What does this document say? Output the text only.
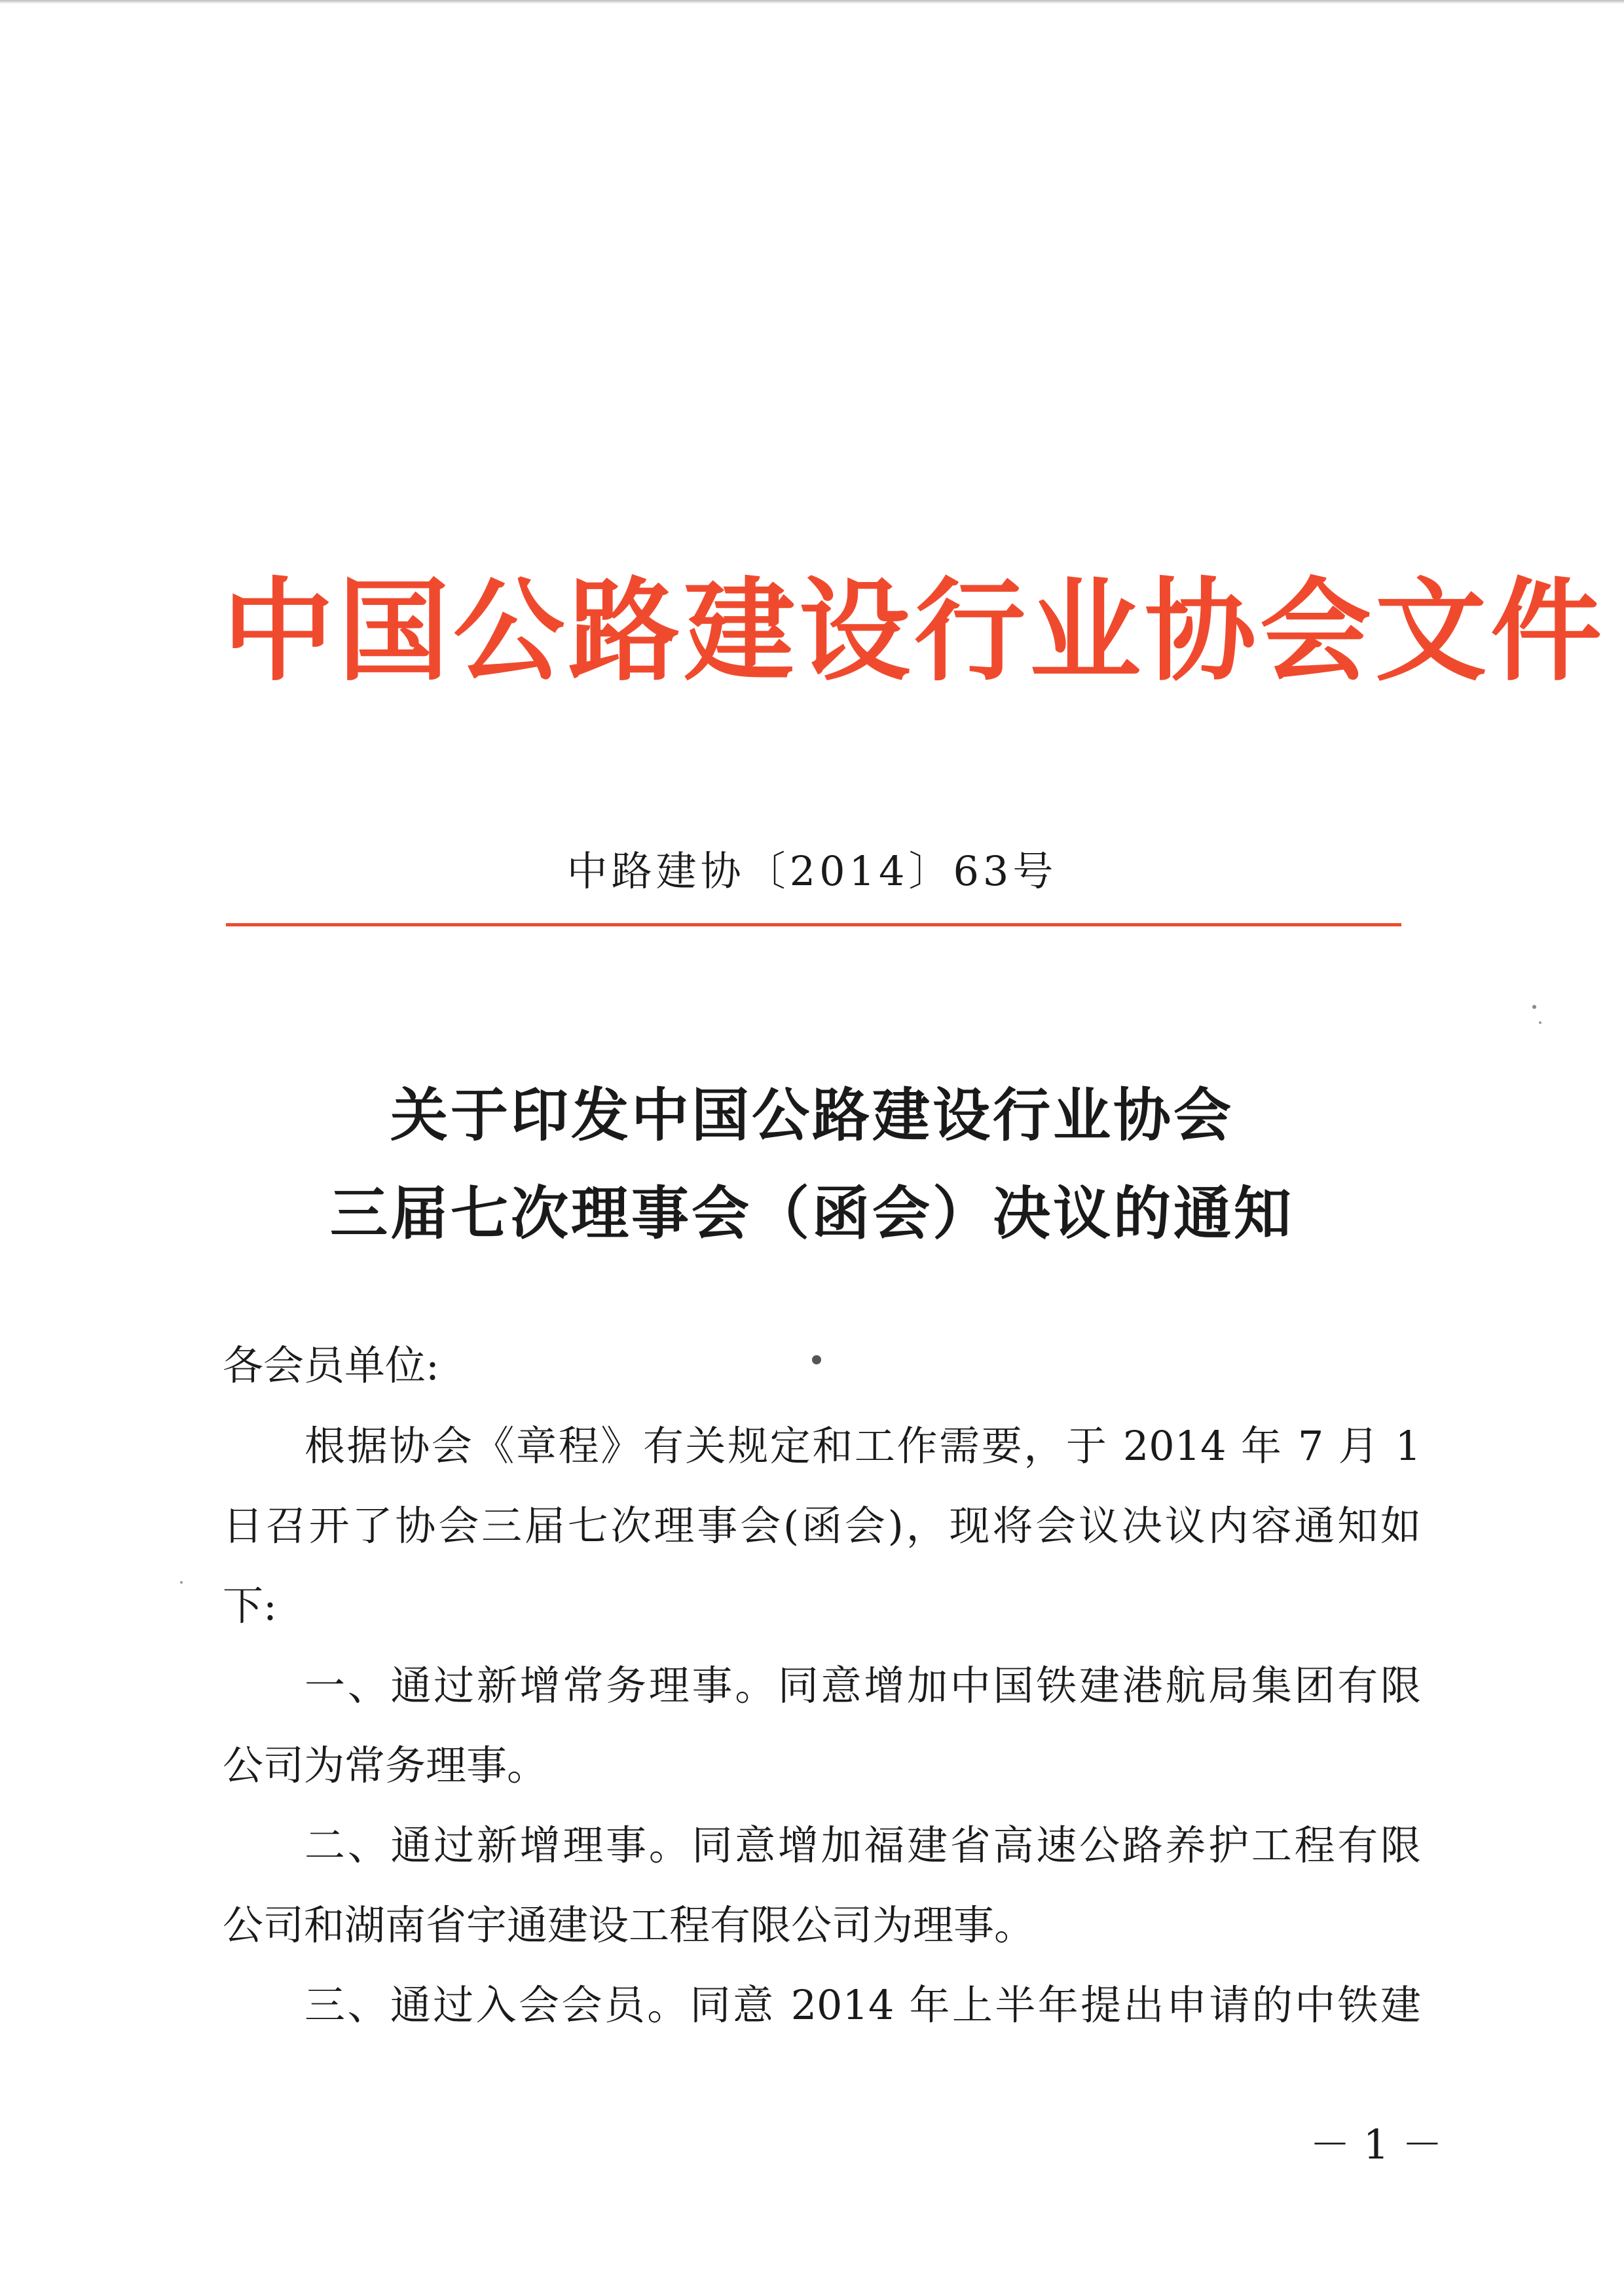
中国公路建设行业协会文件
中路建协〔2014〕63号
关于印发中国公路建设行业协会
三届七次理事会（函会）决议的通知
各会员单位:
根据协会《章程》有关规定和工作需要，于 2014 年 7 月 1
日召开了协会三届七次理事会(函会)，现将会议决议内容通知如
下:
一、通过新增常务理事。同意增加中国铁建港航局集团有限
公司为常务理事。
二、通过新增理事。同意增加福建省高速公路养护工程有限
公司和湖南省宇通建设工程有限公司为理事。
三、通过入会会员。同意 2014 年上半年提出申请的中铁建
－ 1 －
